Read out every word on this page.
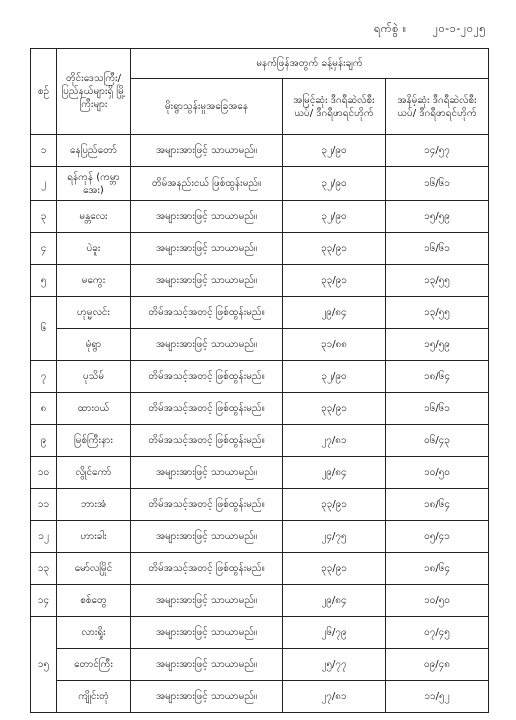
ရက်စွဲ ။ ၂၀-၁-၂၀၂၅
စဉ်	တိုင်းဒေသကြီး/ ပြည်နယ်များရှိ မြို့ကြီးများ	မနက်ဖြန်အတွက် ခန့်မှန်းချက်		
		မိုးရွာသွန်းမှုအခြေအနေ	အမြင့်ဆုံး ဒီဂရီဆဲလ်စီးယပ်/ ဒီဂရီဖာရင်ဟိုက်	အနိမ့်ဆုံး ဒီဂရီဆဲလ်စီးယပ်/ ဒီဂရီဖာရင်ဟိုက်
၁	နေပြည်တော်	အများအားဖြင့် သာယာမည်။	၃၂/၉၀	၁၄/၅၇
၂	ရန်ကုန် (ကမ္ဘာအေး)	တိမ်အနည်းငယ် ဖြစ်ထွန်းမည်။	၃၂/၉၀	၁၆/၆၁
၃	မန္တလေး	အများအားဖြင့် သာယာမည်။	၃၂/၉၀	၁၅/၅၉
၄	ပဲခူး	အများအားဖြင့် သာယာမည်။	၃၃/၉၁	၁၆/၆၁
၅	မကွေး	အများအားဖြင့် သာယာမည်။	၃၃/၉၁	၁၃/၅၅
၆	ဟုမ္မလင်း	တိမ်အသင့်အတင့် ဖြစ်ထွန်းမည်။	၂၉/၈၄	၁၃/၅၅
	မုံရွာ	အများအားဖြင့် သာယာမည်။	၃၁/၈၈	၁၅/၅၉
၇	ပုသိမ်	တိမ်အသင့်အတင့် ဖြစ်ထွန်းမည်။	၃၂/၉၀	၁၈/၆၄
၈	ထားဝယ်	တိမ်အသင့်အတင့် ဖြစ်ထွန်းမည်။	၃၃/၉၁	၁၆/၆၁
၉	မြစ်ကြီးနား	တိမ်အသင့်အတင့် ဖြစ်ထွန်းမည်။	၂၇/၈၁	၀၆/၄၃
၁၀	လွိုင်ကော်	အများအားဖြင့် သာယာမည်။	၂၉/၈၄	၁၀/၅၀
၁၁	ဘားအံ	တိမ်အသင့်အတင့် ဖြစ်ထွန်းမည်။	၃၃/၉၁	၁၈/၆၄
၁၂	ဟားခါး	အများအားဖြင့် သာယာမည်။	၂၄/၇၅	၀၅/၄၁
၁၃	မော်လမြိုင်	တိမ်အသင့်အတင့် ဖြစ်ထွန်းမည်။	၃၃/၉၁	၁၈/၆၄
၁၄	စစ်တွေ	အများအားဖြင့် သာယာမည်။	၂၉/၈၄	၁၀/၅၀
၁၅	လားရှိုး	အများအားဖြင့် သာယာမည်။	၂၆/၇၉	၀၇/၄၅
	တောင်ကြီး	အများအားဖြင့် သာယာမည်။	၂၅/၇၇	၀၉/၄၈
	ကျိုင်းတုံ	အများအားဖြင့် သာယာမည်။	၂၇/၈၁	၁၁/၅၂
